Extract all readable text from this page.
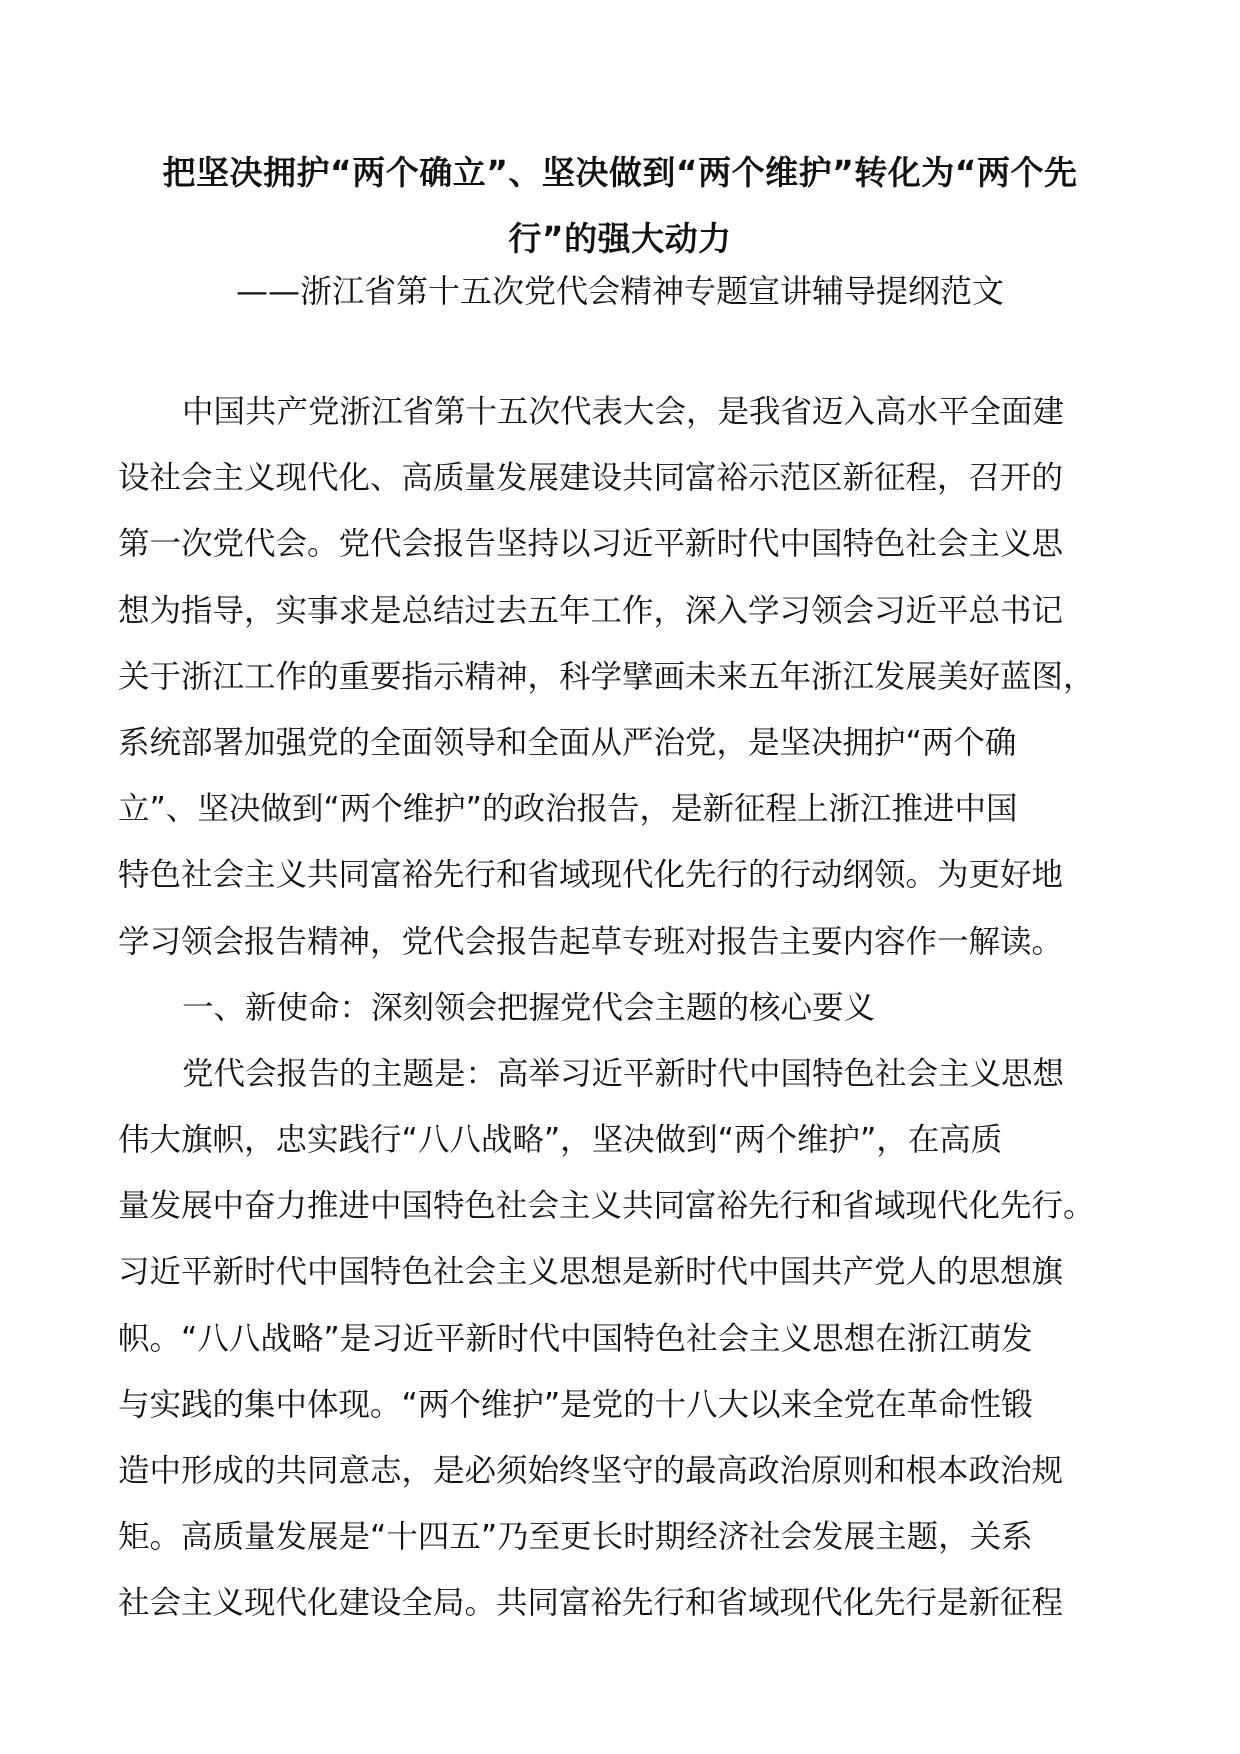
把坚决拥护“两个确立”、坚决做到“两个维护”转化为“两个先
行”的强大动力

——浙江省第十五次党代会精神专题宣讲辅导提纲范文

中国共产党浙江省第十五次代表大会，是我省迈入高水平全面建
设社会主义现代化、高质量发展建设共同富裕示范区新征程，召开的
第一次党代会。党代会报告坚持以习近平新时代中国特色社会主义思
想为指导，实事求是总结过去五年工作，深入学习领会习近平总书记
关于浙江工作的重要指示精神，科学擘画未来五年浙江发展美好蓝图，
系统部署加强党的全面领导和全面从严治党，是坚决拥护“两个确
立”、坚决做到“两个维护”的政治报告，是新征程上浙江推进中国
特色社会主义共同富裕先行和省域现代化先行的行动纲领。为更好地
学习领会报告精神，党代会报告起草专班对报告主要内容作一解读。
一、新使命：深刻领会把握党代会主题的核心要义
党代会报告的主题是：高举习近平新时代中国特色社会主义思想
伟大旗帜，忠实践行“八八战略”，坚决做到“两个维护”，在高质
量发展中奋力推进中国特色社会主义共同富裕先行和省域现代化先行。
习近平新时代中国特色社会主义思想是新时代中国共产党人的思想旗
帜。“八八战略”是习近平新时代中国特色社会主义思想在浙江萌发
与实践的集中体现。“两个维护”是党的十八大以来全党在革命性锻
造中形成的共同意志，是必须始终坚守的最高政治原则和根本政治规
矩。高质量发展是“十四五”乃至更长时期经济社会发展主题，关系
社会主义现代化建设全局。共同富裕先行和省域现代化先行是新征程
